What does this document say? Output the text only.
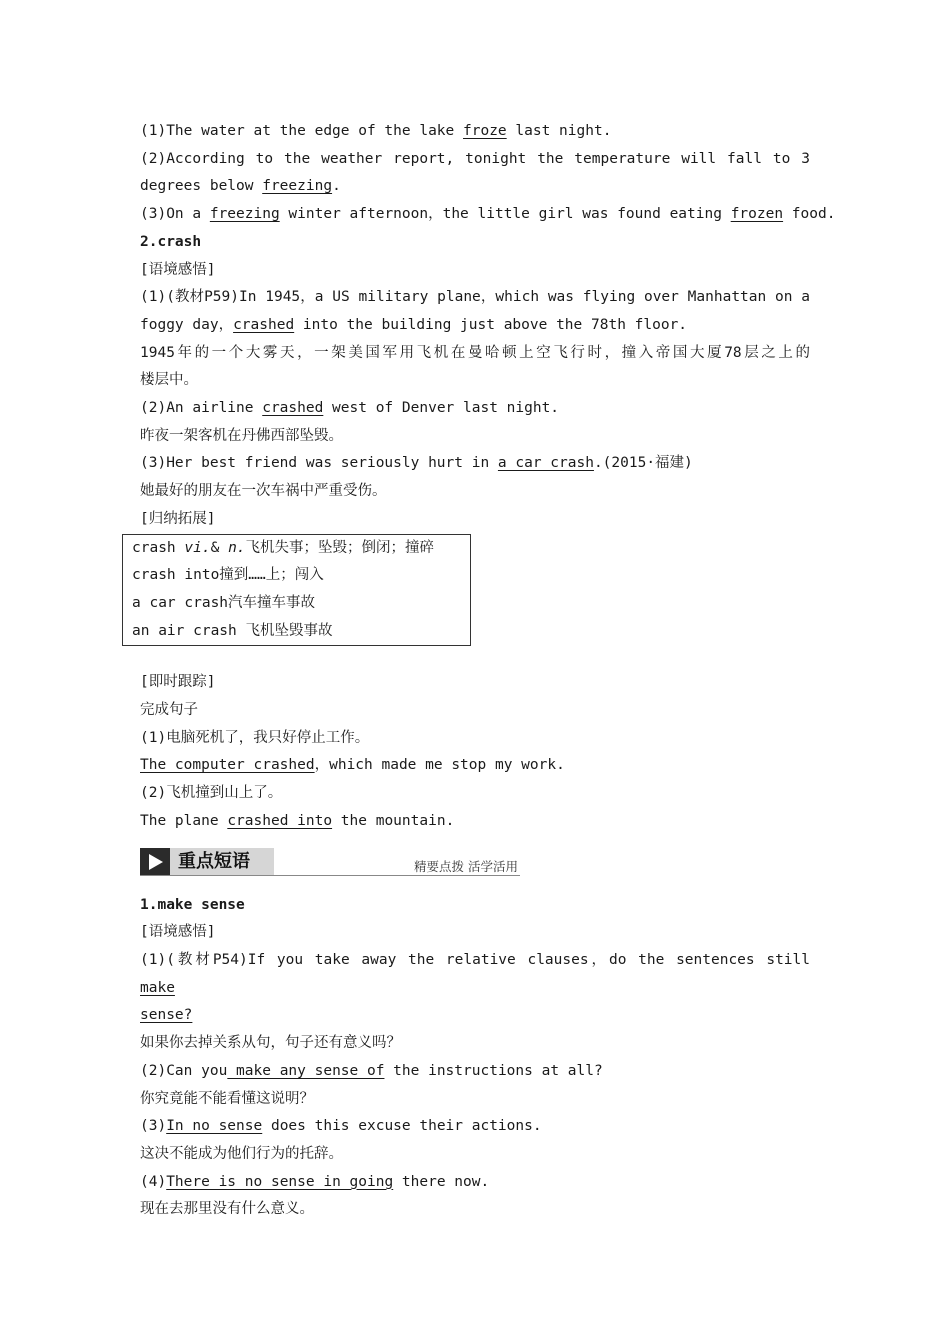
(1)The water at the edge of the lake froze last night.
(2)According to the weather report, tonight the temperature will fall to 3
degrees below freezing.
(3)On a freezing winter afternoon，the little girl was found eating frozen food.
2.crash
[语境感悟]
(1)(教材P59)In 1945，a US military plane，which was flying over Manhattan on a
foggy day，crashed into the building just above the 78th floor.
1945年的一个大雾天，一架美国军用飞机在曼哈顿上空飞行时，撞入帝国大厦78层之上的
楼层中。
(2)An airline crashed west of Denver last night.
昨夜一架客机在丹佛西部坠毁。
(3)Her best friend was seriously hurt in a car crash.(2015·福建)
她最好的朋友在一次车祸中严重受伤。
[归纳拓展]
crash vi.& n.飞机失事；坠毁；倒闭；撞碎
crash into撞到……上；闯入
a car crash汽车撞车事故
an air crash 飞机坠毁事故
[即时跟踪]
完成句子
(1)电脑死机了，我只好停止工作。
The computer crashed，which made me stop my work.
(2)飞机撞到山上了。
The plane crashed into the mountain.
重点短语	精要点拨 活学活用
1.make sense
[语境感悟]
(1)(教材P54)If you take away the relative clauses，do the sentences still make
sense?
如果你去掉关系从句，句子还有意义吗？
(2)Can you make any sense of the instructions at all?
你究竟能不能看懂这说明？
(3)In no sense does this excuse their actions.
这决不能成为他们行为的托辞。
(4)There is no sense in going there now.
现在去那里没有什么意义。
